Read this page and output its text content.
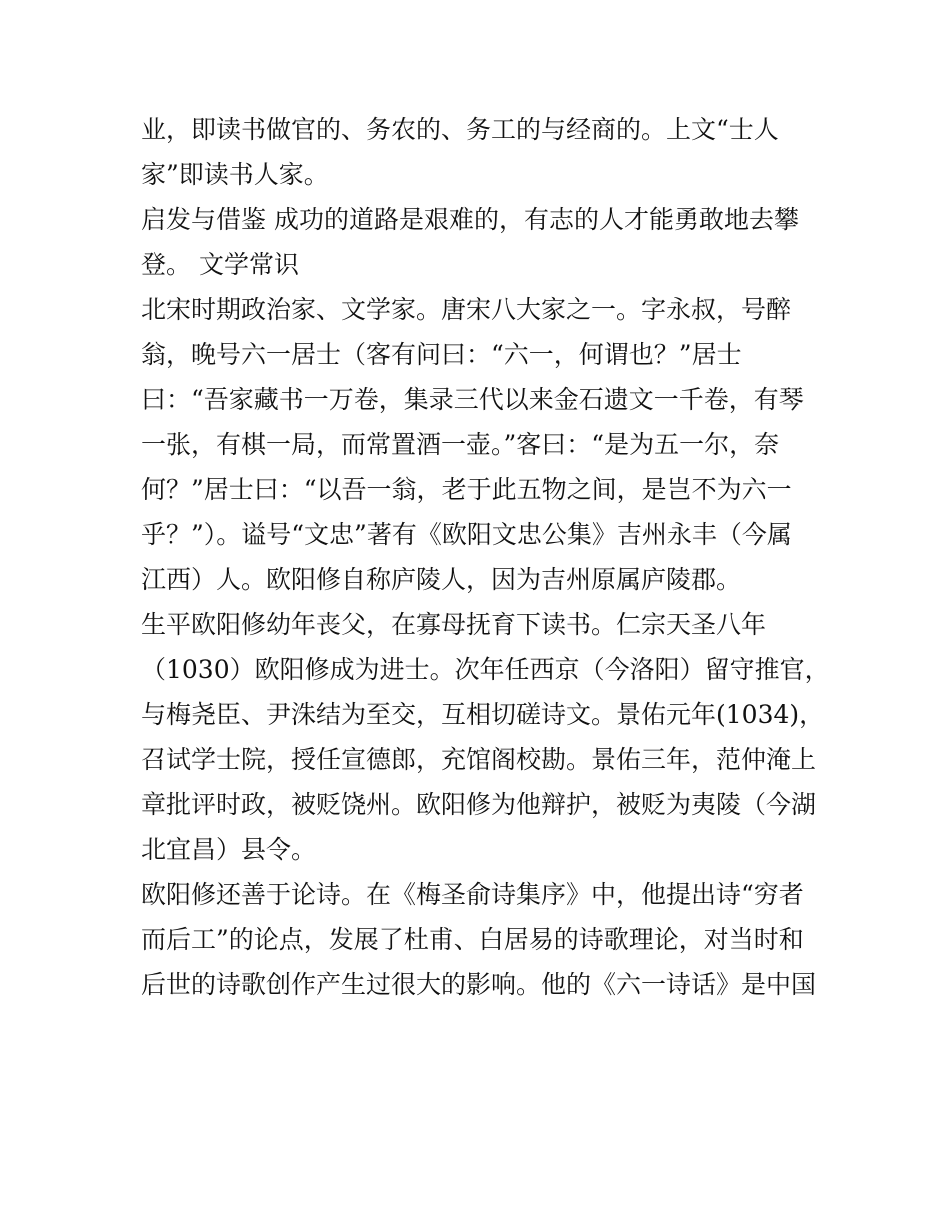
业，即读书做官的、务农的、务工的与经商的。上文“士人
家”即读书人家。
启发与借鉴 成功的道路是艰难的，有志的人才能勇敢地去攀
登。 文学常识
北宋时期政治家、文学家。唐宋八大家之一。字永叔，号醉
翁，晚号六一居士（客有问曰：“六一，何谓也？”居士
曰：“吾家藏书一万卷，集录三代以来金石遗文一千卷，有琴
一张，有棋一局，而常置酒一壶。”客曰：“是为五一尔，奈
何？”居士曰：“以吾一翁，老于此五物之间，是岂不为六一
乎？”）。谥号“文忠”著有《欧阳文忠公集》吉州永丰（今属
江西）人。欧阳修自称庐陵人，因为吉州原属庐陵郡。
生平欧阳修幼年丧父，在寡母抚育下读书。仁宗天圣八年
（1030）欧阳修成为进士。次年任西京（今洛阳）留守推官，
与梅尧臣、尹洙结为至交，互相切磋诗文。景佑元年(1034)，
召试学士院，授任宣德郎，充馆阁校勘。景佑三年，范仲淹上
章批评时政，被贬饶州。欧阳修为他辩护，被贬为夷陵（今湖
北宜昌）县令。
欧阳修还善于论诗。在《梅圣俞诗集序》中，他提出诗“穷者
而后工”的论点，发展了杜甫、白居易的诗歌理论，对当时和
后世的诗歌创作产生过很大的影响。他的《六一诗话》是中国
